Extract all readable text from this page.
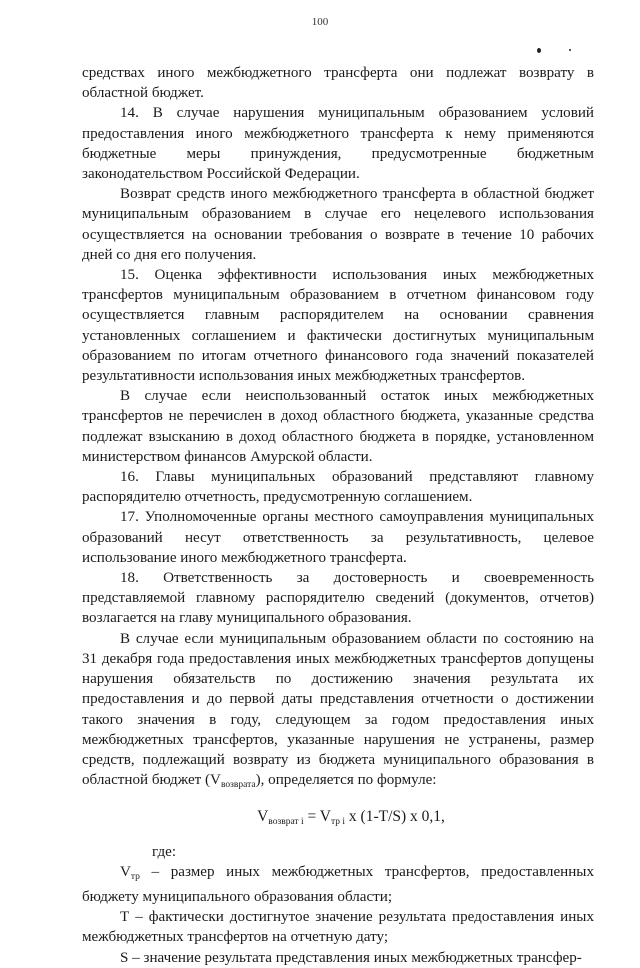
100

средствах иного межбюджетного трансферта они подлежат возврату в областной бюджет.

14. В случае нарушения муниципальным образованием условий предоставления иного межбюджетного трансферта к нему применяются бюджетные меры принуждения, предусмотренные бюджетным законодательством Российской Федерации.

Возврат средств иного межбюджетного трансферта в областной бюджет муниципальным образованием в случае его нецелевого использования осуществляется на основании требования о возврате в течение 10 рабочих дней со дня его получения.

15. Оценка эффективности использования иных межбюджетных трансфертов муниципальным образованием в отчетном финансовом году осуществляется главным распорядителем на основании сравнения установленных соглашением и фактически достигнутых муниципальным образованием по итогам отчетного финансового года значений показателей результативности использования иных межбюджетных трансфертов.

В случае если неиспользованный остаток иных межбюджетных трансфертов не перечислен в доход областного бюджета, указанные средства подлежат взысканию в доход областного бюджета в порядке, установленном министерством финансов Амурской области.

16. Главы муниципальных образований представляют главному распорядителю отчетность, предусмотренную соглашением.

17. Уполномоченные органы местного самоуправления муниципальных образований несут ответственность за результативность, целевое использование иного межбюджетного трансферта.

18. Ответственность за достоверность и своевременность представляемой главному распорядителю сведений (документов, отчетов) возлагается на главу муниципального образования.

В случае если муниципальным образованием области по состоянию на 31 декабря года предоставления иных межбюджетных трансфертов допущены нарушения обязательств по достижению значения результата их предоставления и до первой даты представления отчетности о достижении такого значения в году, следующем за годом предоставления иных межбюджетных трансфертов, указанные нарушения не устранены, размер средств, подлежащий возврату из бюджета муниципального образования в областной бюджет $(V_{возврата})$, определяется по формуле:

$V_{возврат i} = V_{тр i}$ х (1-T/S) х 0,1,

где:

$V_{тр}$ – размер иных межбюджетных трансфертов, предоставленных бюджету муниципального образования области;

Т – фактически достигнутое значение результата предоставления иных межбюджетных трансфертов на отчетную дату;

S – значение результата представления иных межбюджетных трансфер-
